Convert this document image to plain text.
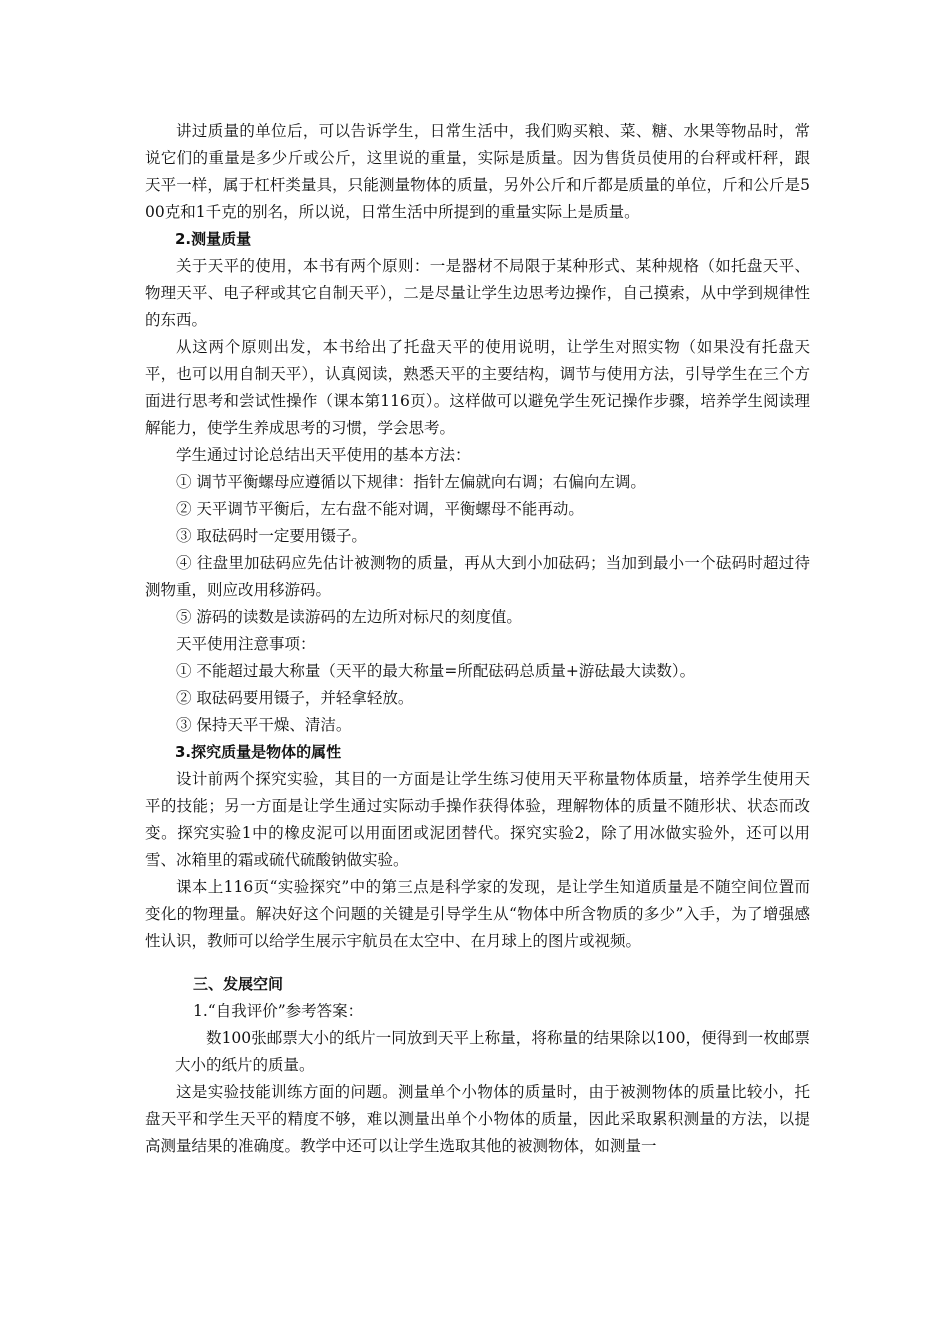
讲过质量的单位后，可以告诉学生，日常生活中，我们购买粮、菜、糖、水果等物品时，常说它们的重量是多少斤或公斤，这里说的重量，实际是质量。因为售货员使用的台秤或杆秤，跟天平一样，属于杠杆类量具，只能测量物体的质量，另外公斤和斤都是质量的单位，斤和公斤是500克和1千克的别名，所以说，日常生活中所提到的重量实际上是质量。

2.测量质量

关于天平的使用，本书有两个原则：一是器材不局限于某种形式、某种规格（如托盘天平、物理天平、电子秤或其它自制天平），二是尽量让学生边思考边操作，自己摸索，从中学到规律性的东西。

从这两个原则出发，本书给出了托盘天平的使用说明，让学生对照实物（如果没有托盘天平，也可以用自制天平），认真阅读，熟悉天平的主要结构，调节与使用方法，引导学生在三个方面进行思考和尝试性操作（课本第116页）。这样做可以避免学生死记操作步骤，培养学生阅读理解能力，使学生养成思考的习惯，学会思考。

学生通过讨论总结出天平使用的基本方法：

① 调节平衡螺母应遵循以下规律：指针左偏就向右调；右偏向左调。

② 天平调节平衡后，左右盘不能对调，平衡螺母不能再动。

③ 取砝码时一定要用镊子。

④ 往盘里加砝码应先估计被测物的质量，再从大到小加砝码；当加到最小一个砝码时超过待测物重，则应改用移游码。

⑤ 游码的读数是读游码的左边所对标尺的刻度值。

天平使用注意事项：

① 不能超过最大称量（天平的最大称量=所配砝码总质量+游砝最大读数）。

② 取砝码要用镊子，并轻拿轻放。

③ 保持天平干燥、清洁。

3.探究质量是物体的属性

设计前两个探究实验，其目的一方面是让学生练习使用天平称量物体质量，培养学生使用天平的技能；另一方面是让学生通过实际动手操作获得体验，理解物体的质量不随形状、状态而改变。探究实验1中的橡皮泥可以用面团或泥团替代。探究实验2，除了用冰做实验外，还可以用雪、冰箱里的霜或硫代硫酸钠做实验。

课本上116页“实验探究”中的第三点是科学家的发现，是让学生知道质量是不随空间位置而变化的物理量。解决好这个问题的关键是引导学生从“物体中所含物质的多少”入手，为了增强感性认识，教师可以给学生展示宇航员在太空中、在月球上的图片或视频。

三、发展空间

1.“自我评价”参考答案：

数100张邮票大小的纸片一同放到天平上称量，将称量的结果除以100，便得到一枚邮票大小的纸片的质量。

这是实验技能训练方面的问题。测量单个小物体的质量时，由于被测物体的质量比较小，托盘天平和学生天平的精度不够，难以测量出单个小物体的质量，因此采取累积测量的方法，以提高测量结果的准确度。教学中还可以让学生选取其他的被测物体，如测量一
